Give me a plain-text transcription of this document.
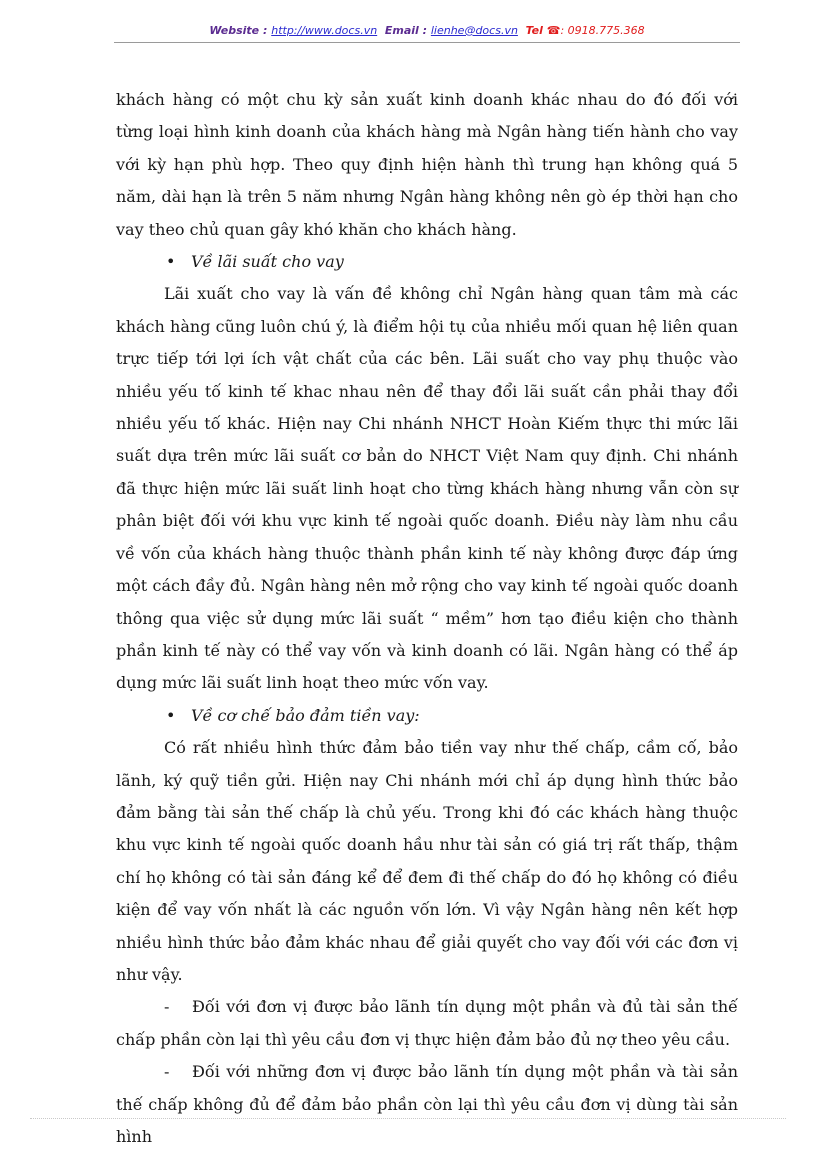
Website : http://www.docs.vn Email : lienhe@docs.vn Tel ☎: 0918.775.368

khách hàng có một chu kỳ sản xuất kinh doanh khác nhau do đó đối với từng loại hình kinh doanh của khách hàng mà Ngân hàng tiến hành cho vay với kỳ hạn phù hợp. Theo quy định hiện hành thì trung hạn không quá 5 năm, dài hạn là trên 5 năm nhưng Ngân hàng không nên gò ép thời hạn cho vay theo chủ quan gây khó khăn cho khách hàng.

• Về lãi suất cho vay

Lãi xuất cho vay là vấn đề không chỉ Ngân hàng quan tâm mà các khách hàng cũng luôn chú ý, là điểm hội tụ của nhiều mối quan hệ liên quan trực tiếp tới lợi ích vật chất của các bên. Lãi suất cho vay phụ thuộc vào nhiều yếu tố kinh tế khac nhau nên để thay đổi lãi suất cần phải thay đổi nhiều yếu tố khác. Hiện nay Chi nhánh NHCT Hoàn Kiếm thực thi mức lãi suất dựa trên mức lãi suất cơ bản do NHCT Việt Nam quy định. Chi nhánh đã thực hiện mức lãi suất linh hoạt cho từng khách hàng nhưng vẫn còn sự phân biệt đối với khu vực kinh tế ngoài quốc doanh. Điều này làm nhu cầu về vốn của khách hàng thuộc thành phần kinh tế này không được đáp ứng một cách đầy đủ. Ngân hàng nên mở rộng cho vay kinh tế ngoài quốc doanh thông qua việc sử dụng mức lãi suất “ mềm” hơn tạo điều kiện cho thành phần kinh tế này có thể vay vốn và kinh doanh có lãi. Ngân hàng có thể áp dụng mức lãi suất linh hoạt theo mức vốn vay.

• Về cơ chế bảo đảm tiền vay:

Có rất nhiều hình thức đảm bảo tiền vay như thế chấp, cầm cố, bảo lãnh, ký quỹ tiền gửi. Hiện nay Chi nhánh mới chỉ áp dụng hình thức bảo đảm bằng tài sản thế chấp là chủ yếu. Trong khi đó các khách hàng thuộc khu vực kinh tế ngoài quốc doanh hầu như tài sản có giá trị rất thấp, thậm chí họ không có tài sản đáng kể để đem đi thế chấp do đó họ không có điều kiện để vay vốn nhất là các nguồn vốn lớn. Vì vậy Ngân hàng nên kết hợp nhiều hình thức bảo đảm khác nhau để giải quyết cho vay đối với các đơn vị như vậy.

- Đối với đơn vị được bảo lãnh tín dụng một phần và đủ tài sản thế chấp phần còn lại thì yêu cầu đơn vị thực hiện đảm bảo đủ nợ theo yêu cầu.

- Đối với những đơn vị được bảo lãnh tín dụng một phần và tài sản thế chấp không đủ để đảm bảo phần còn lại thì yêu cầu đơn vị dùng tài sản hình
